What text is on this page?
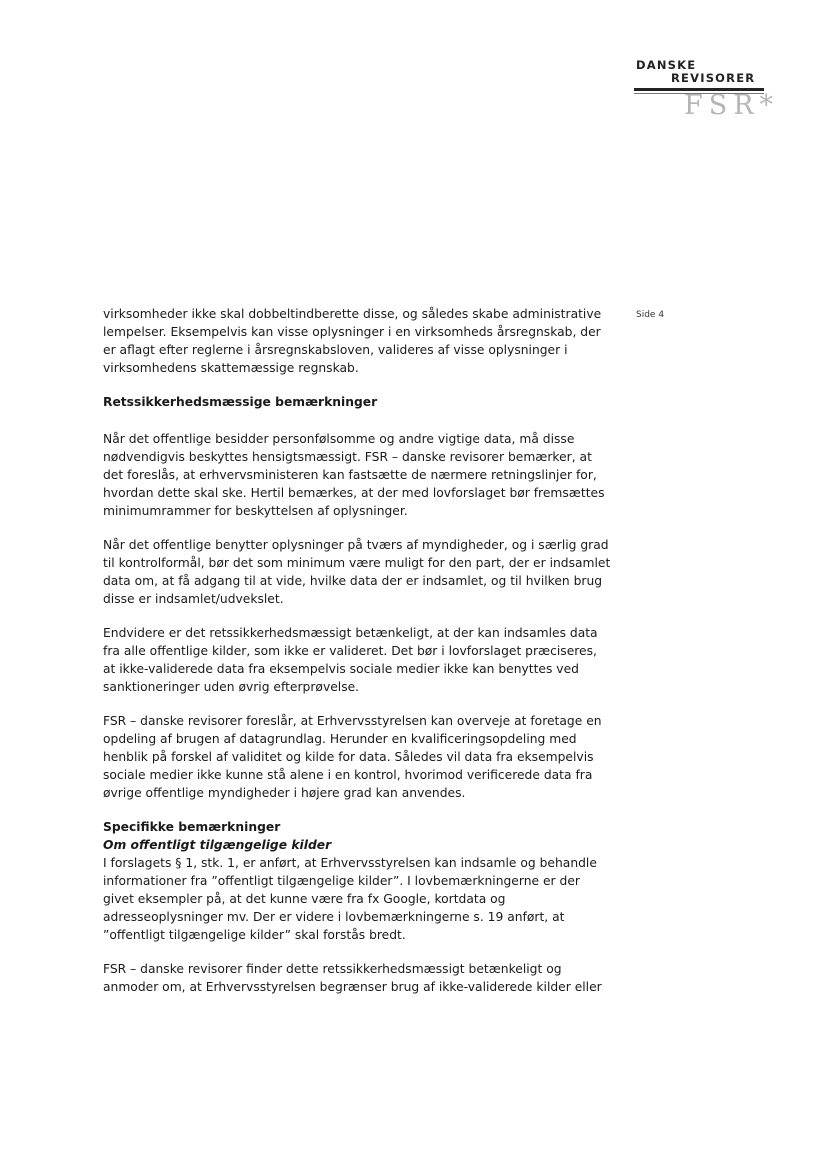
DANSKE
REVISORER
FSR*
Side 4

virksomheder ikke skal dobbeltindberette disse, og således skabe administrative lempelser. Eksempelvis kan visse oplysninger i en virksomheds årsregnskab, der er aflagt efter reglerne i årsregnskabsloven, valideres af visse oplysninger i virksomhedens skattemæssige regnskab.

Retssikkerhedsmæssige bemærkninger

Når det offentlige besidder personfølsomme og andre vigtige data, må disse nødvendigvis beskyttes hensigtsmæssigt. FSR – danske revisorer bemærker, at det foreslås, at erhvervsministeren kan fastsætte de nærmere retningslinjer for, hvordan dette skal ske. Hertil bemærkes, at der med lovforslaget bør fremsættes minimumrammer for beskyttelsen af oplysninger.

Når det offentlige benytter oplysninger på tværs af myndigheder, og i særlig grad til kontrolformål, bør det som minimum være muligt for den part, der er indsamlet data om, at få adgang til at vide, hvilke data der er indsamlet, og til hvilken brug disse er indsamlet/udvekslet.

Endvidere er det retssikkerhedsmæssigt betænkeligt, at der kan indsamles data fra alle offentlige kilder, som ikke er valideret. Det bør i lovforslaget præciseres, at ikke-validerede data fra eksempelvis sociale medier ikke kan benyttes ved sanktioneringer uden øvrig efterprøvelse.

FSR – danske revisorer foreslår, at Erhvervsstyrelsen kan overveje at foretage en opdeling af brugen af datagrundlag. Herunder en kvalificeringsopdeling med henblik på forskel af validitet og kilde for data. Således vil data fra eksempelvis sociale medier ikke kunne stå alene i en kontrol, hvorimod verificerede data fra øvrige offentlige myndigheder i højere grad kan anvendes.

Specifikke bemærkninger
Om offentligt tilgængelige kilder

I forslagets § 1, stk. 1, er anført, at Erhvervsstyrelsen kan indsamle og behandle informationer fra ”offentligt tilgængelige kilder”. I lovbemærkningerne er der givet eksempler på, at det kunne være fra fx Google, kortdata og adresseoplysninger mv. Der er videre i lovbemærkningerne s. 19 anført, at ”offentligt tilgængelige kilder” skal forstås bredt.

FSR – danske revisorer finder dette retssikkerhedsmæssigt betænkeligt og anmoder om, at Erhvervsstyrelsen begrænser brug af ikke-validerede kilder eller
